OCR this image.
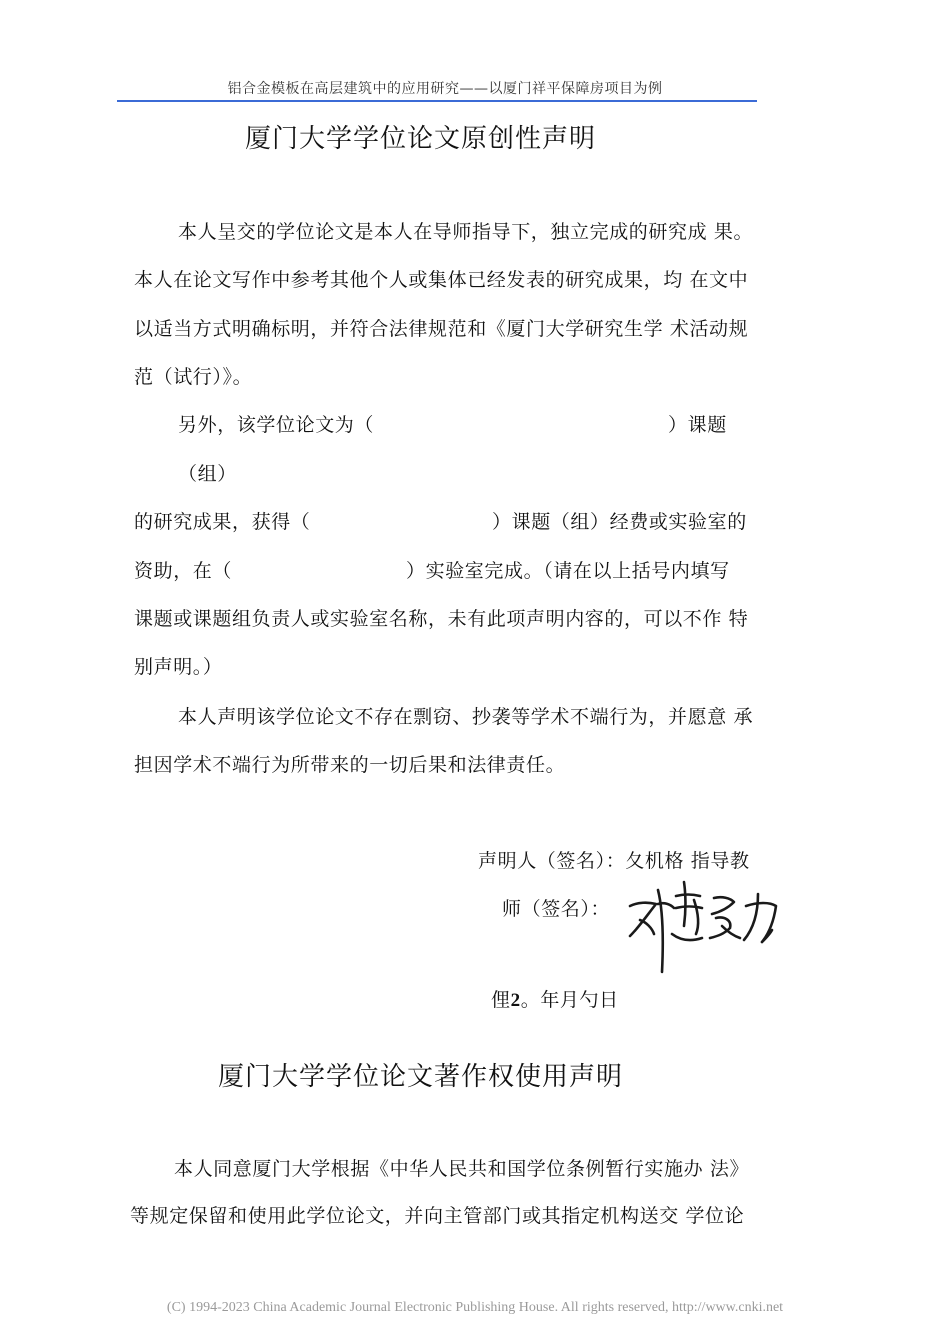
铝合金模板在高层建筑中的应用研究——以厦门祥平保障房项目为例
厦门大学学位论文原创性声明
本人呈交的学位论文是本人在导师指导下，独立完成的研究成 果。
本人在论文写作中参考其他个人或集体已经发表的研究成果，均 在文中
以适当方式明确标明，并符合法律规范和《厦门大学研究生学 术活动规
范（试行）》。
另外，该学位论文为（	）课题
（组）
的研究成果，获得（	）课题（组）经费或实验室的
资助，在（	）实验室完成。（请在以上括号内填写
课题或课题组负责人或实验室名称，未有此项声明内容的，可以不作 特
别声明。）
本人声明该学位论文不存在剽窃、抄袭等学术不端行为，并愿意 承
担因学术不端行为所带来的一切后果和法律责任。
声明人（签名）：夂机格 指导教
师（签名）：
俚2。年月勺日
厦门大学学位论文著作权使用声明
本人同意厦门大学根据《中华人民共和国学位条例暂行实施办 法》
等规定保留和使用此学位论文，并向主管部门或其指定机构送交 学位论
(C) 1994-2023 China Academic Journal Electronic Publishing House. All rights reserved, http://www.cnki.net
